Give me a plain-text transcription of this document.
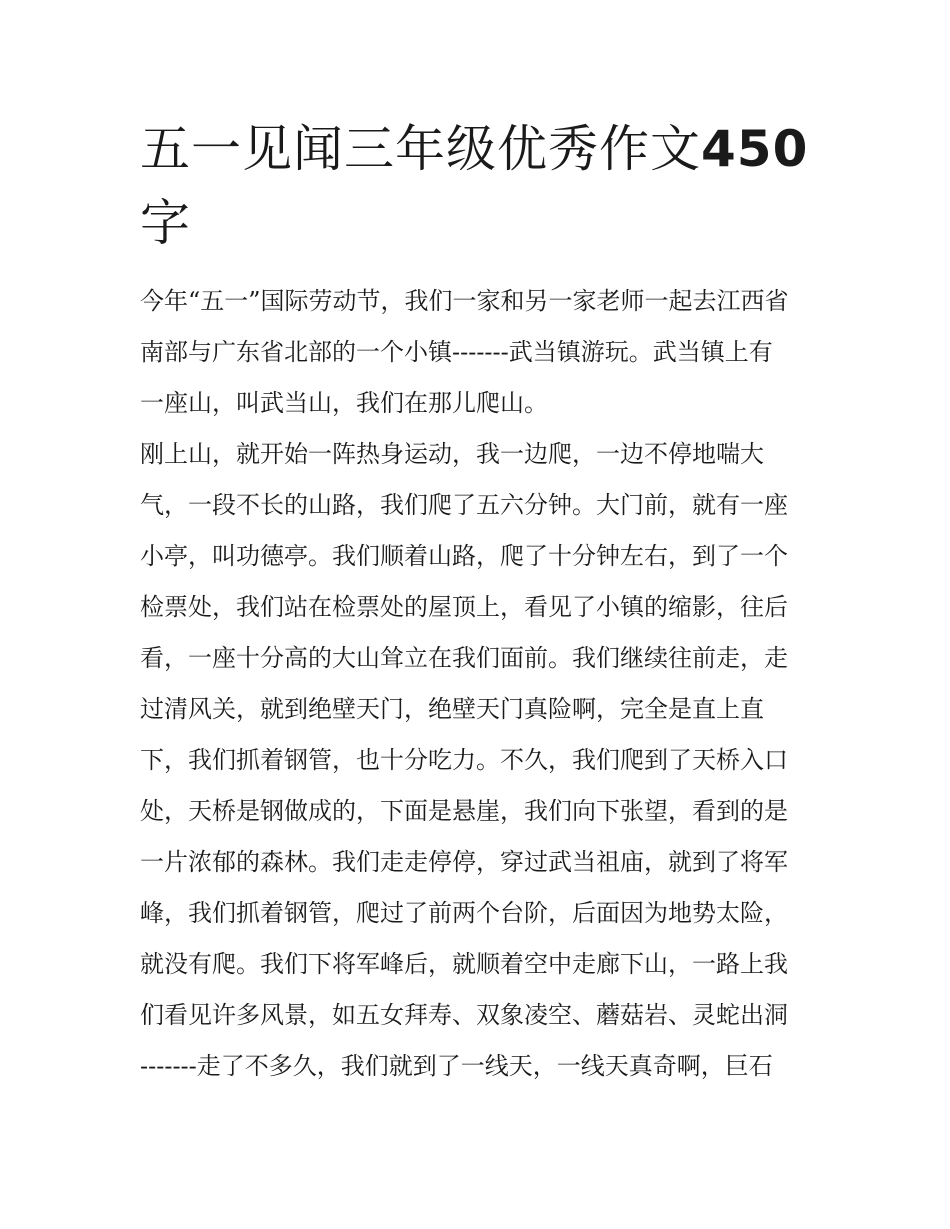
五一见闻三年级优秀作文450
字
今年“五一”国际劳动节，我们一家和另一家老师一起去江西省
南部与广东省北部的一个小镇-------武当镇游玩。武当镇上有
一座山，叫武当山，我们在那儿爬山。
刚上山，就开始一阵热身运动，我一边爬，一边不停地喘大
气，一段不长的山路，我们爬了五六分钟。大门前，就有一座
小亭，叫功德亭。我们顺着山路，爬了十分钟左右，到了一个
检票处，我们站在检票处的屋顶上，看见了小镇的缩影，往后
看，一座十分高的大山耸立在我们面前。我们继续往前走，走
过清风关，就到绝壁天门，绝壁天门真险啊，完全是直上直
下，我们抓着钢管，也十分吃力。不久，我们爬到了天桥入口
处，天桥是钢做成的，下面是悬崖，我们向下张望，看到的是
一片浓郁的森林。我们走走停停，穿过武当祖庙，就到了将军
峰，我们抓着钢管，爬过了前两个台阶，后面因为地势太险，
就没有爬。我们下将军峰后，就顺着空中走廊下山，一路上我
们看见许多风景，如五女拜寿、双象凌空、蘑菇岩、灵蛇出洞
-------走了不多久，我们就到了一线天，一线天真奇啊，巨石
